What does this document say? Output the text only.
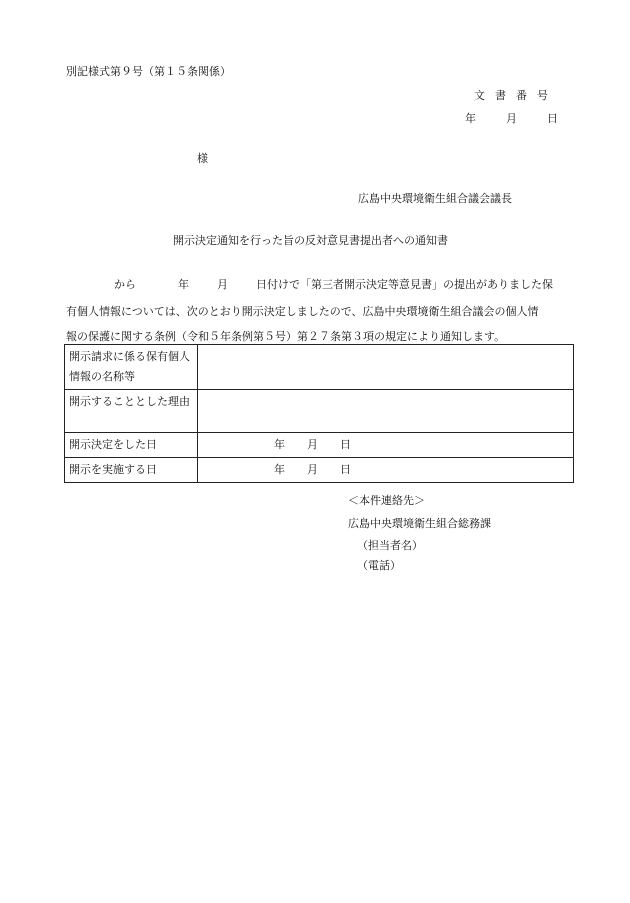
別記様式第９号（第１５条関係）
文書番号
年	月	日
様
広島中央環境衛生組合議会議長
開示決定通知を行った旨の反対意見書提出者への通知書
から	年	月	日付けで「第三者開示決定等意見書」の提出がありました保
有個人情報については、次のとおり開示決定しましたので、広島中央環境衛生組合議会の個人情
報の保護に関する条例（令和５年条例第５号）第２７条第３項の規定により通知します。
開示請求に係る保有個人情報の名称等	
開示することとした理由	
開示決定をした日	年 月 日
開示を実施する日	年 月 日
＜本件連絡先＞
広島中央環境衛生組合総務課
（担当者名）
（電話）
